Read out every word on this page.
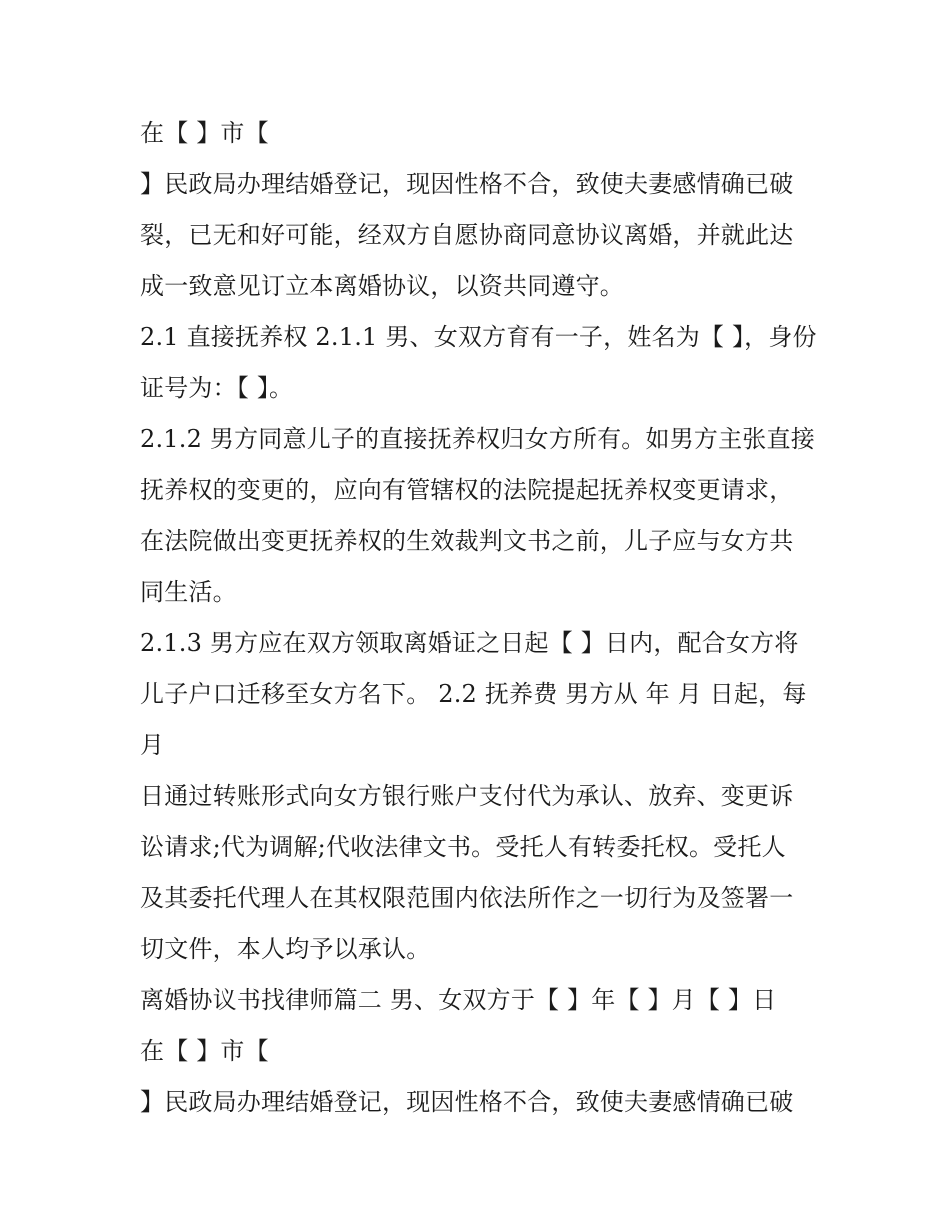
在【 】市【
】民政局办理结婚登记，现因性格不合，致使夫妻感情确已破
裂，已无和好可能，经双方自愿协商同意协议离婚，并就此达
成一致意见订立本离婚协议，以资共同遵守。
2.1 直接抚养权 2.1.1 男、女双方育有一子，姓名为【 】，身份
证号为：【 】。
2.1.2 男方同意儿子的直接抚养权归女方所有。如男方主张直接
抚养权的变更的，应向有管辖权的法院提起抚养权变更请求，
在法院做出变更抚养权的生效裁判文书之前，儿子应与女方共
同生活。
2.1.3 男方应在双方领取离婚证之日起【 】日内，配合女方将
儿子户口迁移至女方名下。 2.2 抚养费 男方从 年 月 日起，每
月
日通过转账形式向女方银行账户支付代为承认、放弃、变更诉
讼请求;代为调解;代收法律文书。受托人有转委托权。受托人
及其委托代理人在其权限范围内依法所作之一切行为及签署一
切文件，本人均予以承认。
离婚协议书找律师篇二 男、女双方于【 】年【 】月【 】日
在【 】市【
】民政局办理结婚登记，现因性格不合，致使夫妻感情确已破
